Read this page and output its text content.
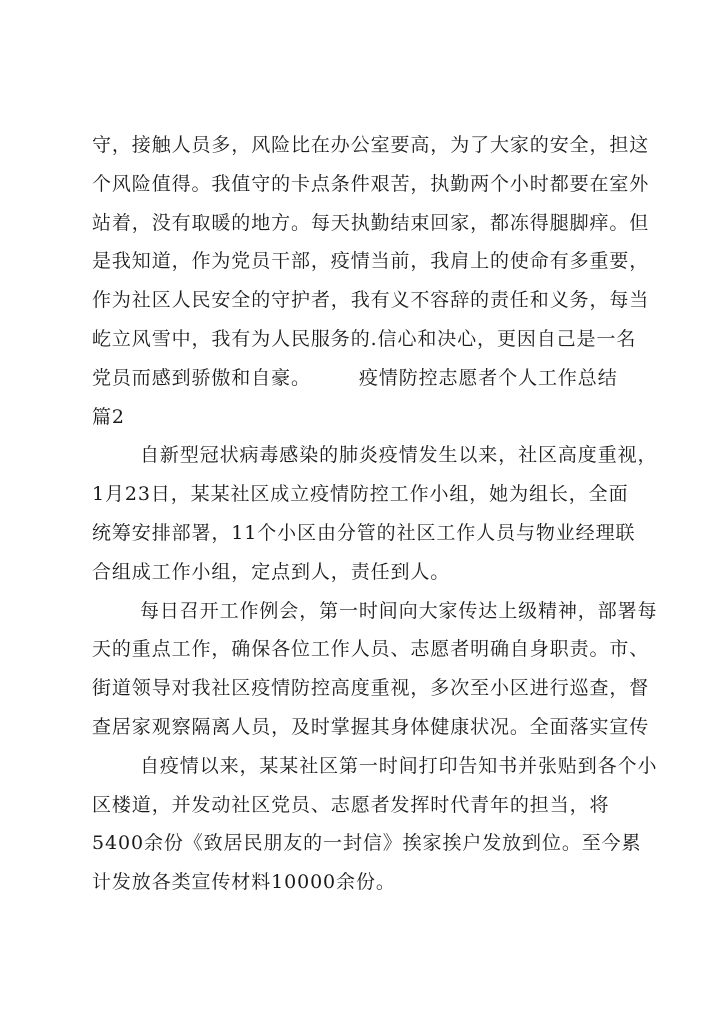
守，接触人员多，风险比在办公室要高，为了大家的安全，担这
个风险值得。我值守的卡点条件艰苦，执勤两个小时都要在室外
站着，没有取暖的地方。每天执勤结束回家，都冻得腿脚痒。但
是我知道，作为党员干部，疫情当前，我肩上的使命有多重要，
作为社区人民安全的守护者，我有义不容辞的责任和义务，每当
屹立风雪中，我有为人民服务的.信心和决心，更因自己是一名
党员而感到骄傲和自豪。	疫情防控志愿者个人工作总结
篇2
自新型冠状病毒感染的肺炎疫情发生以来，社区高度重视，
1月23日，某某社区成立疫情防控工作小组，她为组长，全面
统筹安排部署，11个小区由分管的社区工作人员与物业经理联
合组成工作小组，定点到人，责任到人。
每日召开工作例会，第一时间向大家传达上级精神，部署每
天的重点工作，确保各位工作人员、志愿者明确自身职责。市、
街道领导对我社区疫情防控高度重视，多次至小区进行巡查，督
查居家观察隔离人员，及时掌握其身体健康状况。全面落实宣传
自疫情以来，某某社区第一时间打印告知书并张贴到各个小
区楼道，并发动社区党员、志愿者发挥时代青年的担当，将
5400余份《致居民朋友的一封信》挨家挨户发放到位。至今累
计发放各类宣传材料10000余份。
